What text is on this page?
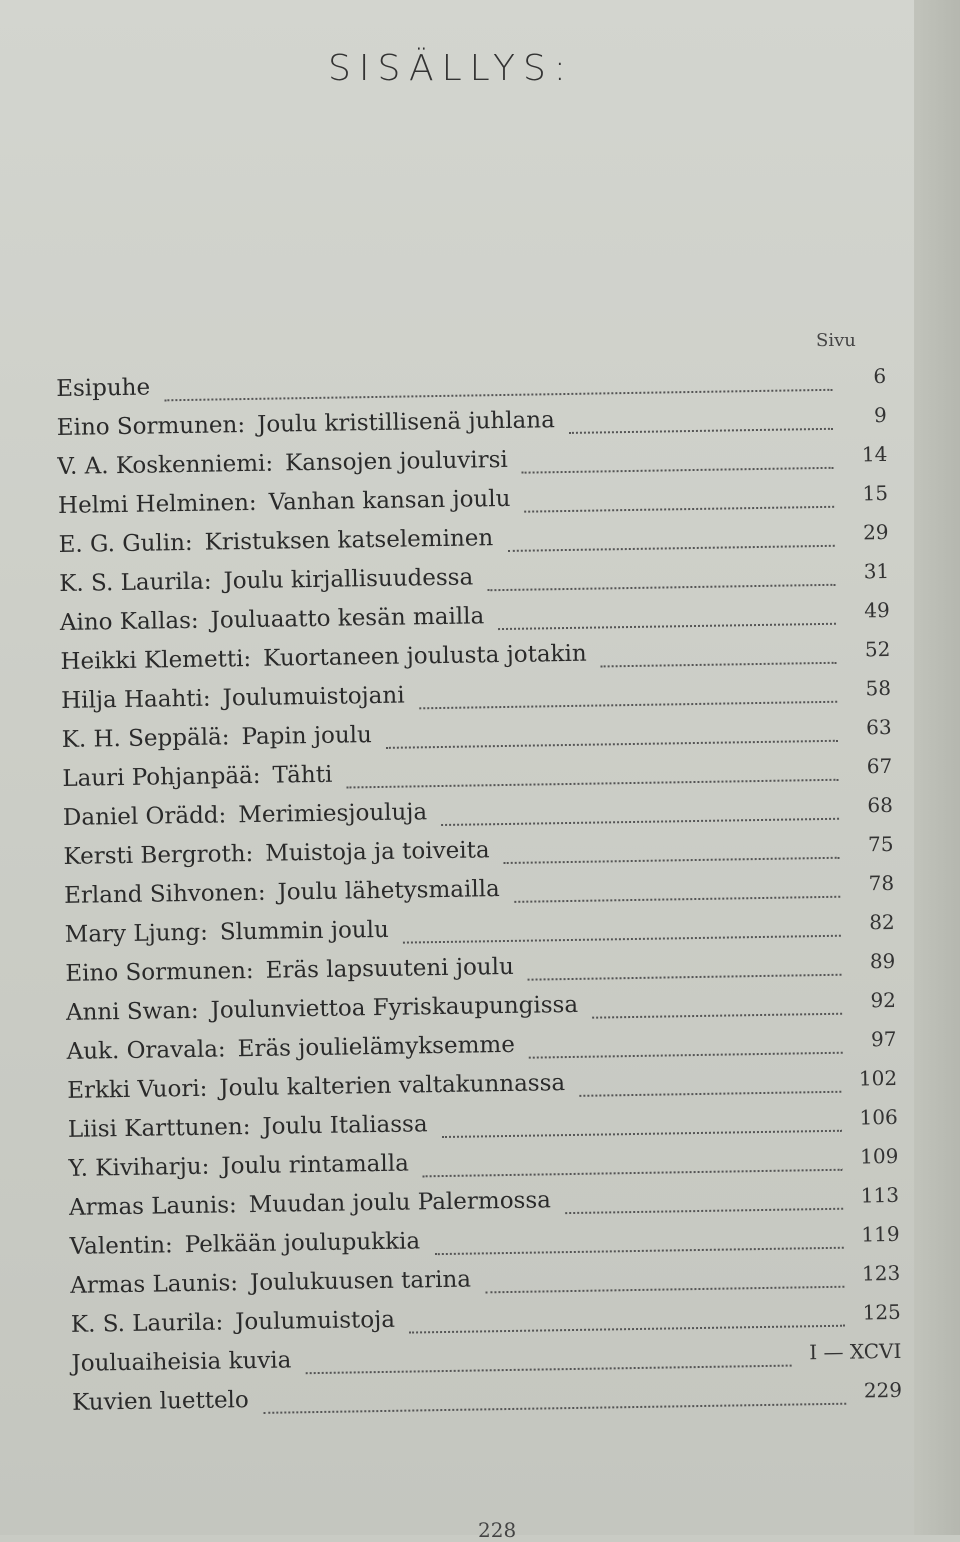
SISÄLLYS:
Sivu
Esipuhe	6
Eino Sormunen: Joulu kristillisenä juhlana	9
V. A. Koskenniemi: Kansojen jouluvirsi	14
Helmi Helminen: Vanhan kansan joulu	15
E. G. Gulin: Kristuksen katseleminen	29
K. S. Laurila: Joulu kirjallisuudessa	31
Aino Kallas: Jouluaatto kesän mailla	49
Heikki Klemetti: Kuortaneen joulusta jotakin	52
Hilja Haahti: Joulumuistojani	58
K. H. Seppälä: Papin joulu	63
Lauri Pohjanpää: Tähti	67
Daniel Orädd: Merimiesjouluja	68
Kersti Bergroth: Muistoja ja toiveita	75
Erland Sihvonen: Joulu lähetysmailla	78
Mary Ljung: Slummin joulu	82
Eino Sormunen: Eräs lapsuuteni joulu	89
Anni Swan: Joulunviettoa Fyriskaupungissa	92
Auk. Oravala: Eräs joulielämyksemme	97
Erkki Vuori: Joulu kalterien valtakunnassa	102
Liisi Karttunen: Joulu Italiassa	106
Y. Kiviharju: Joulu rintamalla	109
Armas Launis: Muudan joulu Palermossa	113
Valentin: Pelkään joulupukkia	119
Armas Launis: Joulukuusen tarina	123
K. S. Laurila: Joulumuistoja	125
Jouluaiheisia kuvia	I — XCVI
Kuvien luettelo	229
228
